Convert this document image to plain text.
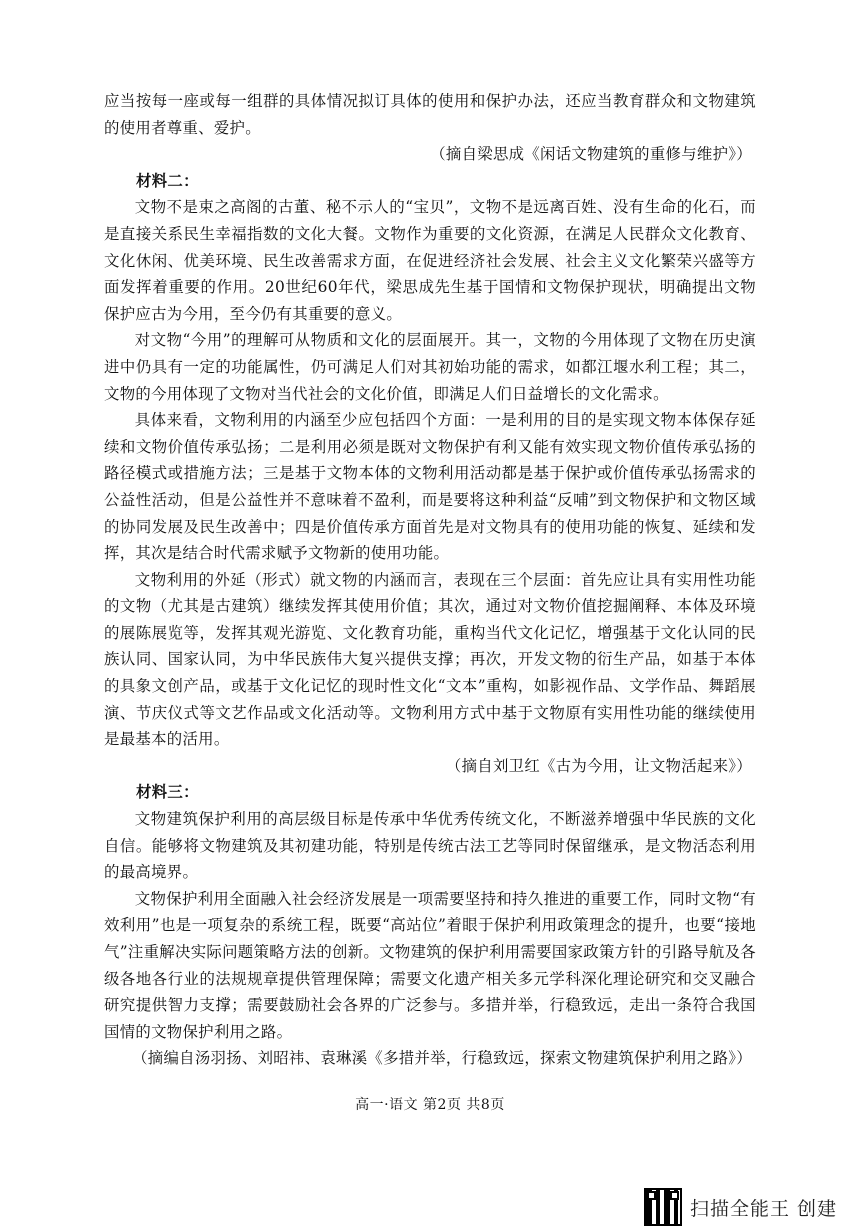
应当按每一座或每一组群的具体情况拟订具体的使用和保护办法，还应当教育群众和文物建筑的使用者尊重、爱护。

（摘自梁思成《闲话文物建筑的重修与维护》）

材料二：

文物不是束之高阁的古董、秘不示人的“宝贝”，文物不是远离百姓、没有生命的化石，而是直接关系民生幸福指数的文化大餐。文物作为重要的文化资源，在满足人民群众文化教育、文化休闲、优美环境、民生改善需求方面，在促进经济社会发展、社会主义文化繁荣兴盛等方面发挥着重要的作用。20世纪60年代，梁思成先生基于国情和文物保护现状，明确提出文物保护应古为今用，至今仍有其重要的意义。

对文物“今用”的理解可从物质和文化的层面展开。其一，文物的今用体现了文物在历史演进中仍具有一定的功能属性，仍可满足人们对其初始功能的需求，如都江堰水利工程；其二，文物的今用体现了文物对当代社会的文化价值，即满足人们日益增长的文化需求。

具体来看，文物利用的内涵至少应包括四个方面：一是利用的目的是实现文物本体保存延续和文物价值传承弘扬；二是利用必须是既对文物保护有利又能有效实现文物价值传承弘扬的路径模式或措施方法；三是基于文物本体的文物利用活动都是基于保护或价值传承弘扬需求的公益性活动，但是公益性并不意味着不盈利，而是要将这种利益“反哺”到文物保护和文物区域的协同发展及民生改善中；四是价值传承方面首先是对文物具有的使用功能的恢复、延续和发挥，其次是结合时代需求赋予文物新的使用功能。

文物利用的外延（形式）就文物的内涵而言，表现在三个层面：首先应让具有实用性功能的文物（尤其是古建筑）继续发挥其使用价值；其次，通过对文物价值挖掘阐释、本体及环境的展陈展览等，发挥其观光游览、文化教育功能，重构当代文化记忆，增强基于文化认同的民族认同、国家认同，为中华民族伟大复兴提供支撑；再次，开发文物的衍生产品，如基于本体的具象文创产品，或基于文化记忆的现时性文化“文本”重构，如影视作品、文学作品、舞蹈展演、节庆仪式等文艺作品或文化活动等。文物利用方式中基于文物原有实用性功能的继续使用是最基本的活用。

（摘自刘卫红《古为今用，让文物活起来》）

材料三：

文物建筑保护利用的高层级目标是传承中华优秀传统文化，不断滋养增强中华民族的文化自信。能够将文物建筑及其初建功能，特别是传统古法工艺等同时保留继承，是文物活态利用的最高境界。

文物保护利用全面融入社会经济发展是一项需要坚持和持久推进的重要工作，同时文物“有效利用”也是一项复杂的系统工程，既要“高站位”着眼于保护利用政策理念的提升，也要“接地气”注重解决实际问题策略方法的创新。文物建筑的保护利用需要国家政策方针的引路导航及各级各地各行业的法规规章提供管理保障；需要文化遗产相关多元学科深化理论研究和交叉融合研究提供智力支撑；需要鼓励社会各界的广泛参与。多措并举，行稳致远，走出一条符合我国国情的文物保护利用之路。

（摘编自汤羽扬、刘昭祎、袁琳溪《多措并举，行稳致远，探索文物建筑保护利用之路》）

高一·语文 第2页 共8页
扫描全能王 创建
